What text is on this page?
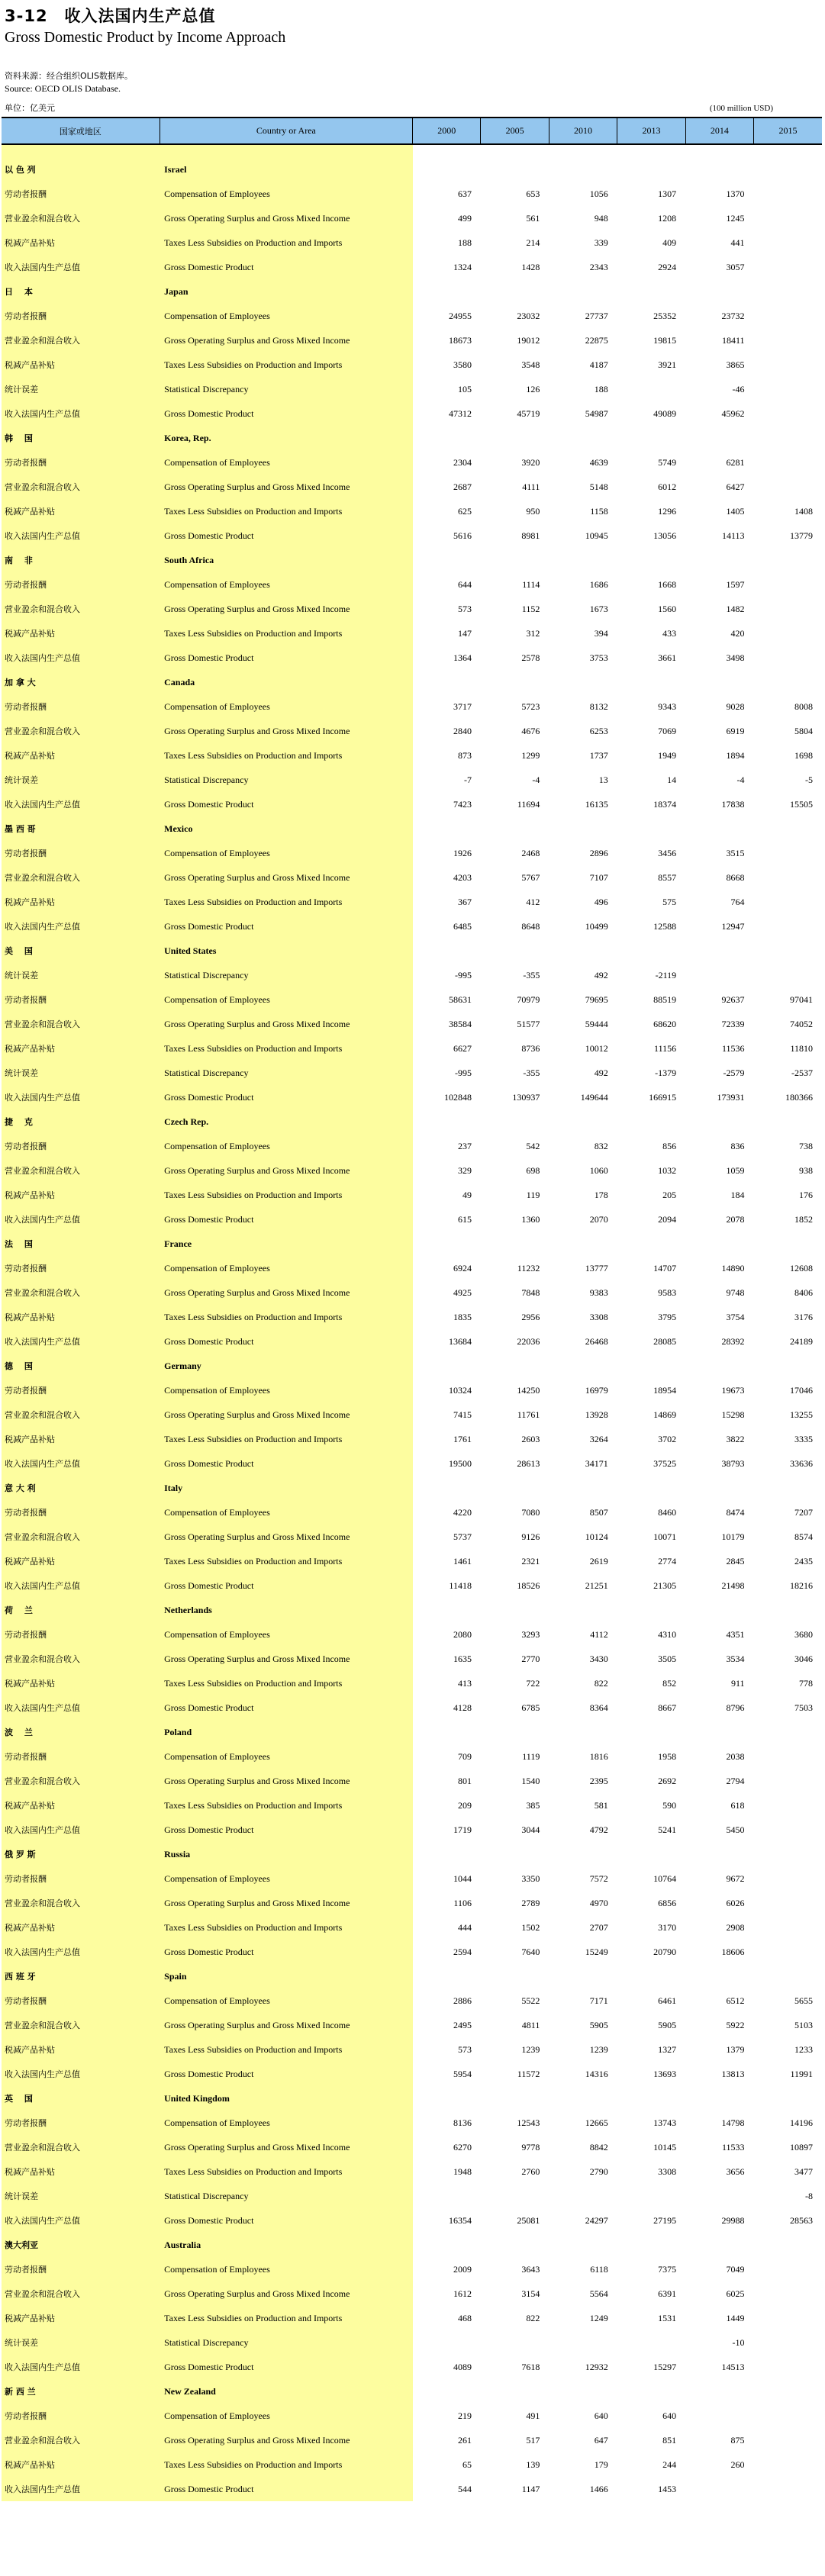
3-12　收入法国内生产总值
Gross Domestic Product by Income Approach
资料来源：经合组织OLIS数据库。
Source: OECD OLIS Database.
单位：亿美元	(100 million USD)
国家或地区	Country or Area	2000	2005	2010	2013	2014	2015

以 色 列	Israel						
劳动者报酬	Compensation of Employees	637	653	1056	1307	1370	
营业盈余和混合收入	Gross Operating Surplus and Gross Mixed Income	499	561	948	1208	1245	
税减产品补贴	Taxes Less Subsidies on Production and Imports	188	214	339	409	441	
收入法国内生产总值	Gross Domestic Product	1324	1428	2343	2924	3057	
日　 本	Japan						
劳动者报酬	Compensation of Employees	24955	23032	27737	25352	23732	
营业盈余和混合收入	Gross Operating Surplus and Gross Mixed Income	18673	19012	22875	19815	18411	
税减产品补贴	Taxes Less Subsidies on Production and Imports	3580	3548	4187	3921	3865	
统计误差	Statistical Discrepancy	105	126	188		-46	
收入法国内生产总值	Gross Domestic Product	47312	45719	54987	49089	45962	
韩　 国	Korea, Rep.						
劳动者报酬	Compensation of Employees	2304	3920	4639	5749	6281	
营业盈余和混合收入	Gross Operating Surplus and Gross Mixed Income	2687	4111	5148	6012	6427	
税减产品补贴	Taxes Less Subsidies on Production and Imports	625	950	1158	1296	1405	1408
收入法国内生产总值	Gross Domestic Product	5616	8981	10945	13056	14113	13779
南　 非	South Africa						
劳动者报酬	Compensation of Employees	644	1114	1686	1668	1597	
营业盈余和混合收入	Gross Operating Surplus and Gross Mixed Income	573	1152	1673	1560	1482	
税减产品补贴	Taxes Less Subsidies on Production and Imports	147	312	394	433	420	
收入法国内生产总值	Gross Domestic Product	1364	2578	3753	3661	3498	
加 拿 大	Canada						
劳动者报酬	Compensation of Employees	3717	5723	8132	9343	9028	8008
营业盈余和混合收入	Gross Operating Surplus and Gross Mixed Income	2840	4676	6253	7069	6919	5804
税减产品补贴	Taxes Less Subsidies on Production and Imports	873	1299	1737	1949	1894	1698
统计误差	Statistical Discrepancy	-7	-4	13	14	-4	-5
收入法国内生产总值	Gross Domestic Product	7423	11694	16135	18374	17838	15505
墨 西 哥	Mexico						
劳动者报酬	Compensation of Employees	1926	2468	2896	3456	3515	
营业盈余和混合收入	Gross Operating Surplus and Gross Mixed Income	4203	5767	7107	8557	8668	
税减产品补贴	Taxes Less Subsidies on Production and Imports	367	412	496	575	764	
收入法国内生产总值	Gross Domestic Product	6485	8648	10499	12588	12947	
美　 国	United States						
统计误差	Statistical Discrepancy	-995	-355	492	-2119		
劳动者报酬	Compensation of Employees	58631	70979	79695	88519	92637	97041
营业盈余和混合收入	Gross Operating Surplus and Gross Mixed Income	38584	51577	59444	68620	72339	74052
税减产品补贴	Taxes Less Subsidies on Production and Imports	6627	8736	10012	11156	11536	11810
统计误差	Statistical Discrepancy	-995	-355	492	-1379	-2579	-2537
收入法国内生产总值	Gross Domestic Product	102848	130937	149644	166915	173931	180366
捷　 克	Czech Rep.						
劳动者报酬	Compensation of Employees	237	542	832	856	836	738
营业盈余和混合收入	Gross Operating Surplus and Gross Mixed Income	329	698	1060	1032	1059	938
税减产品补贴	Taxes Less Subsidies on Production and Imports	49	119	178	205	184	176
收入法国内生产总值	Gross Domestic Product	615	1360	2070	2094	2078	1852
法　 国	France						
劳动者报酬	Compensation of Employees	6924	11232	13777	14707	14890	12608
营业盈余和混合收入	Gross Operating Surplus and Gross Mixed Income	4925	7848	9383	9583	9748	8406
税减产品补贴	Taxes Less Subsidies on Production and Imports	1835	2956	3308	3795	3754	3176
收入法国内生产总值	Gross Domestic Product	13684	22036	26468	28085	28392	24189
德　 国	Germany						
劳动者报酬	Compensation of Employees	10324	14250	16979	18954	19673	17046
营业盈余和混合收入	Gross Operating Surplus and Gross Mixed Income	7415	11761	13928	14869	15298	13255
税减产品补贴	Taxes Less Subsidies on Production and Imports	1761	2603	3264	3702	3822	3335
收入法国内生产总值	Gross Domestic Product	19500	28613	34171	37525	38793	33636
意 大 利	Italy						
劳动者报酬	Compensation of Employees	4220	7080	8507	8460	8474	7207
营业盈余和混合收入	Gross Operating Surplus and Gross Mixed Income	5737	9126	10124	10071	10179	8574
税减产品补贴	Taxes Less Subsidies on Production and Imports	1461	2321	2619	2774	2845	2435
收入法国内生产总值	Gross Domestic Product	11418	18526	21251	21305	21498	18216
荷　 兰	Netherlands						
劳动者报酬	Compensation of Employees	2080	3293	4112	4310	4351	3680
营业盈余和混合收入	Gross Operating Surplus and Gross Mixed Income	1635	2770	3430	3505	3534	3046
税减产品补贴	Taxes Less Subsidies on Production and Imports	413	722	822	852	911	778
收入法国内生产总值	Gross Domestic Product	4128	6785	8364	8667	8796	7503
波　 兰	Poland						
劳动者报酬	Compensation of Employees	709	1119	1816	1958	2038	
营业盈余和混合收入	Gross Operating Surplus and Gross Mixed Income	801	1540	2395	2692	2794	
税减产品补贴	Taxes Less Subsidies on Production and Imports	209	385	581	590	618	
收入法国内生产总值	Gross Domestic Product	1719	3044	4792	5241	5450	
俄 罗 斯	Russia						
劳动者报酬	Compensation of Employees	1044	3350	7572	10764	9672	
营业盈余和混合收入	Gross Operating Surplus and Gross Mixed Income	1106	2789	4970	6856	6026	
税减产品补贴	Taxes Less Subsidies on Production and Imports	444	1502	2707	3170	2908	
收入法国内生产总值	Gross Domestic Product	2594	7640	15249	20790	18606	
西 班 牙	Spain						
劳动者报酬	Compensation of Employees	2886	5522	7171	6461	6512	5655
营业盈余和混合收入	Gross Operating Surplus and Gross Mixed Income	2495	4811	5905	5905	5922	5103
税减产品补贴	Taxes Less Subsidies on Production and Imports	573	1239	1239	1327	1379	1233
收入法国内生产总值	Gross Domestic Product	5954	11572	14316	13693	13813	11991
英　 国	United Kingdom						
劳动者报酬	Compensation of Employees	8136	12543	12665	13743	14798	14196
营业盈余和混合收入	Gross Operating Surplus and Gross Mixed Income	6270	9778	8842	10145	11533	10897
税减产品补贴	Taxes Less Subsidies on Production and Imports	1948	2760	2790	3308	3656	3477
统计误差	Statistical Discrepancy						-8
收入法国内生产总值	Gross Domestic Product	16354	25081	24297	27195	29988	28563
澳大利亚	Australia						
劳动者报酬	Compensation of Employees	2009	3643	6118	7375	7049	
营业盈余和混合收入	Gross Operating Surplus and Gross Mixed Income	1612	3154	5564	6391	6025	
税减产品补贴	Taxes Less Subsidies on Production and Imports	468	822	1249	1531	1449	
统计误差	Statistical Discrepancy					-10	
收入法国内生产总值	Gross Domestic Product	4089	7618	12932	15297	14513	
新 西 兰	New Zealand						
劳动者报酬	Compensation of Employees	219	491	640	640		
营业盈余和混合收入	Gross Operating Surplus and Gross Mixed Income	261	517	647	851	875	
税减产品补贴	Taxes Less Subsidies on Production and Imports	65	139	179	244	260	
收入法国内生产总值	Gross Domestic Product	544	1147	1466	1453		
